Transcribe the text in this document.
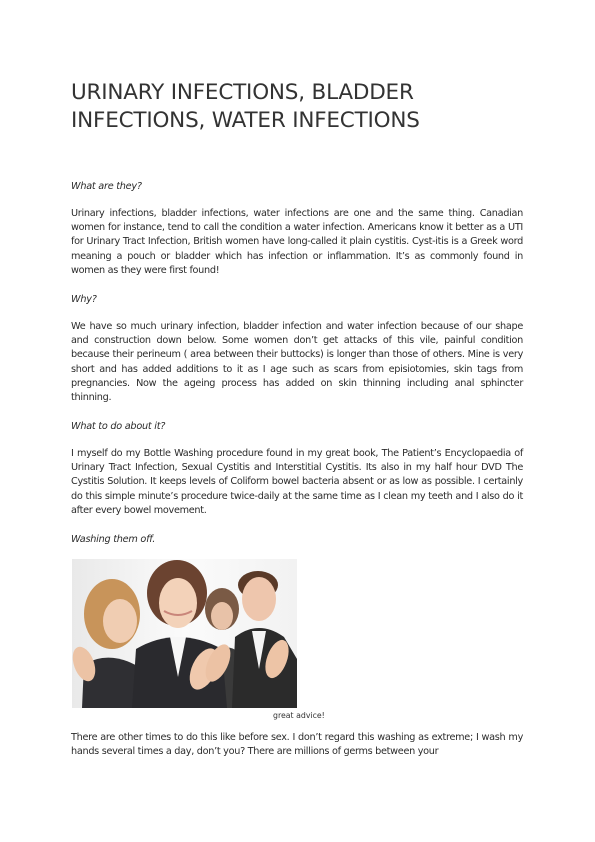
URINARY INFECTIONS, BLADDER INFECTIONS, WATER INFECTIONS

What are they?

Urinary infections, bladder infections, water infections are one and the same thing. Canadian women for instance, tend to call the condition a water infection. Americans know it better as a UTI for Urinary Tract Infection, British women have long-called it plain cystitis. Cyst-itis is a Greek word meaning a pouch or bladder which has infection or inflammation. It’s as commonly found in women as they were first found!

Why?

We have so much urinary infection, bladder infection and water infection because of our shape and construction down below. Some women don’t get attacks of this vile, painful condition because their perineum ( area between their buttocks) is longer than those of others. Mine is very short and has added additions to it as I age such as scars from episiotomies, skin tags from pregnancies. Now the ageing process has added on skin thinning including anal sphincter thinning.

What to do about it?

I myself do my Bottle Washing procedure found in my great book, The Patient’s Encyclopaedia of Urinary Tract Infection, Sexual Cystitis and Interstitial Cystitis. Its also in my half hour DVD The Cystitis Solution. It keeps levels of Coliform bowel bacteria absent or as low as possible. I certainly do this simple minute’s procedure twice-daily at the same time as I clean my teeth and I also do it after every bowel movement.

Washing them off.

great advice!

There are other times to do this like before sex. I don’t regard this washing as extreme; I wash my hands several times a day, don’t you? There are millions of germs between your
